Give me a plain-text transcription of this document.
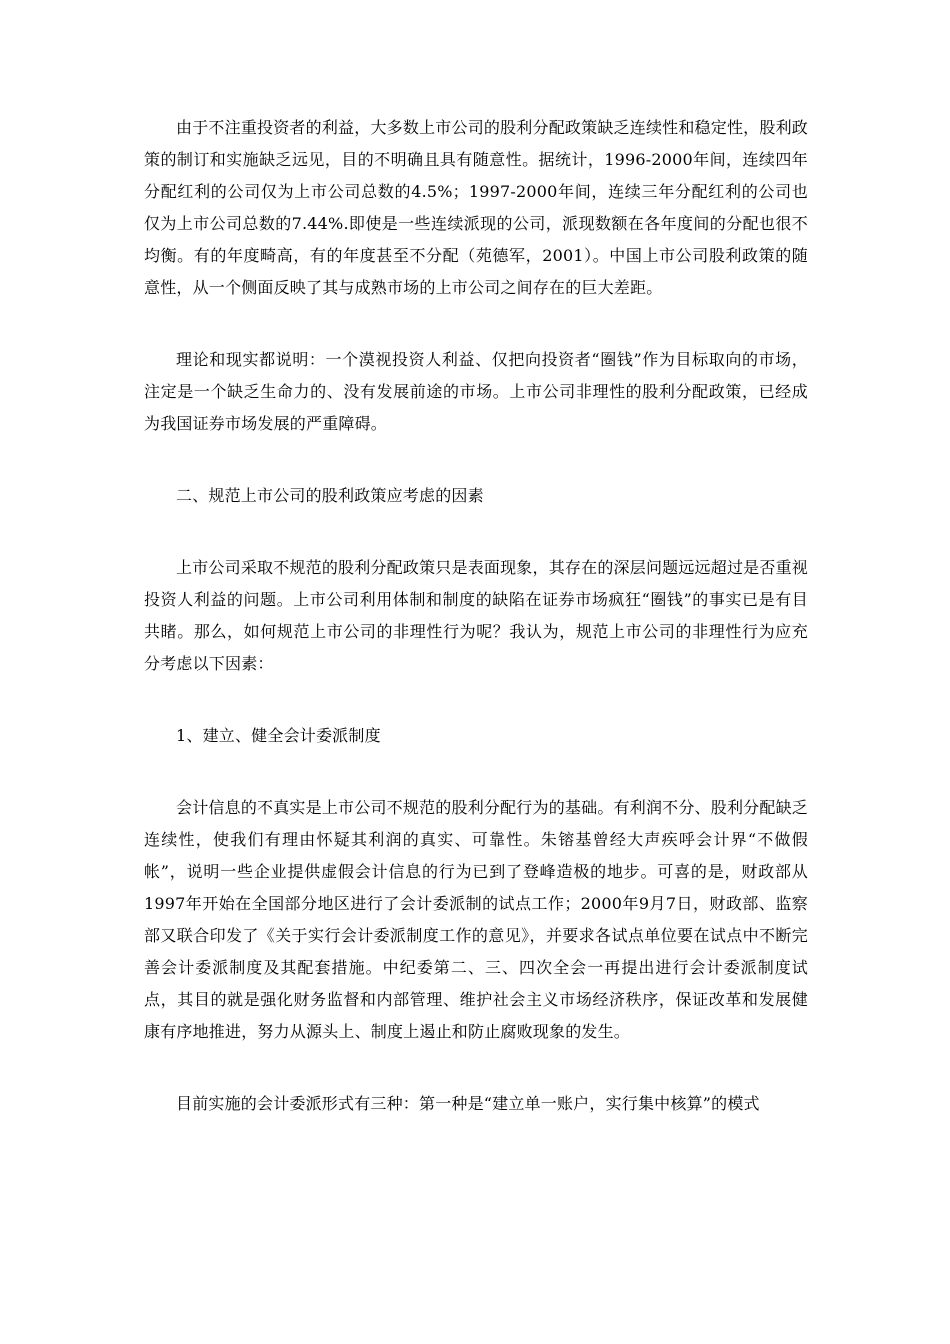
由于不注重投资者的利益，大多数上市公司的股利分配政策缺乏连续性和稳定性，股利政策的制订和实施缺乏远见，目的不明确且具有随意性。据统计，1996-2000年间，连续四年分配红利的公司仅为上市公司总数的4.5%；1997-2000年间，连续三年分配红利的公司也仅为上市公司总数的7.44%.即使是一些连续派现的公司，派现数额在各年度间的分配也很不均衡。有的年度畸高，有的年度甚至不分配（苑德军，2001）。中国上市公司股利政策的随意性，从一个侧面反映了其与成熟市场的上市公司之间存在的巨大差距。

理论和现实都说明：一个漠视投资人利益、仅把向投资者“圈钱”作为目标取向的市场，注定是一个缺乏生命力的、没有发展前途的市场。上市公司非理性的股利分配政策，已经成为我国证券市场发展的严重障碍。

二、规范上市公司的股利政策应考虑的因素

上市公司采取不规范的股利分配政策只是表面现象，其存在的深层问题远远超过是否重视投资人利益的问题。上市公司利用体制和制度的缺陷在证券市场疯狂“圈钱”的事实已是有目共睹。那么，如何规范上市公司的非理性行为呢？我认为，规范上市公司的非理性行为应充分考虑以下因素：

1、建立、健全会计委派制度

会计信息的不真实是上市公司不规范的股利分配行为的基础。有利润不分、股利分配缺乏连续性，使我们有理由怀疑其利润的真实、可靠性。朱镕基曾经大声疾呼会计界“不做假帐”，说明一些企业提供虚假会计信息的行为已到了登峰造极的地步。可喜的是，财政部从1997年开始在全国部分地区进行了会计委派制的试点工作；2000年9月7日，财政部、监察部又联合印发了《关于实行会计委派制度工作的意见》，并要求各试点单位要在试点中不断完善会计委派制度及其配套措施。中纪委第二、三、四次全会一再提出进行会计委派制度试点，其目的就是强化财务监督和内部管理、维护社会主义市场经济秩序，保证改革和发展健康有序地推进，努力从源头上、制度上遏止和防止腐败现象的发生。

目前实施的会计委派形式有三种：第一种是“建立单一账户，实行集中核算”的模式
